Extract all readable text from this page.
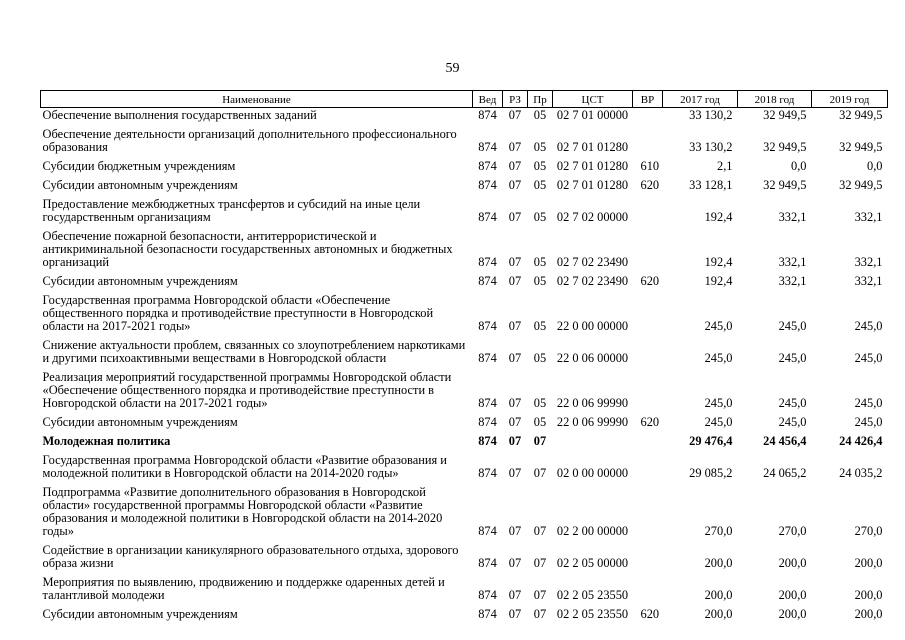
59
Наименование	Вед	РЗ	Пр	ЦСТ	ВР	2017 год	2018 год	2019 год
Обеспечение выполнения государственных заданий	874	07	05	02 7 01 00000		33 130,2	32 949,5	32 949,5
Обеспечение деятельности организаций дополнительного профессионального образования	874	07	05	02 7 01 01280		33 130,2	32 949,5	32 949,5
Субсидии бюджетным учреждениям	874	07	05	02 7 01 01280	610	2,1	0,0	0,0
Субсидии автономным учреждениям	874	07	05	02 7 01 01280	620	33 128,1	32 949,5	32 949,5
Предоставление межбюджетных трансфертов и субсидий на иные цели государственным организациям	874	07	05	02 7 02 00000		192,4	332,1	332,1
Обеспечение пожарной безопасности, антитеррористической и антикриминальной безопасности государственных автономных и бюджетных организаций	874	07	05	02 7 02 23490		192,4	332,1	332,1
Субсидии автономным учреждениям	874	07	05	02 7 02 23490	620	192,4	332,1	332,1
Государственная программа Новгородской области «Обеспечение общественного порядка и противодействие преступности в Новгородской области на 2017-2021 годы»	874	07	05	22 0 00 00000		245,0	245,0	245,0
Снижение актуальности проблем, связанных со злоупотреблением наркотиками и другими психоактивными веществами в Новгородской области	874	07	05	22 0 06 00000		245,0	245,0	245,0
Реализация мероприятий государственной программы Новгородской области «Обеспечение общественного порядка и противодействие преступности в Новгородской области на 2017-2021 годы»	874	07	05	22 0 06 99990		245,0	245,0	245,0
Субсидии автономным учреждениям	874	07	05	22 0 06 99990	620	245,0	245,0	245,0
Молодежная политика	874	07	07			29 476,4	24 456,4	24 426,4
Государственная программа Новгородской области «Развитие образования и молодежной политики в Новгородской области на 2014-2020 годы»	874	07	07	02 0 00 00000		29 085,2	24 065,2	24 035,2
Подпрограмма «Развитие дополнительного образования в Новгородской области» государственной программы Новгородской области «Развитие образования и молодежной политики в Новгородской области на 2014-2020 годы»	874	07	07	02 2 00 00000		270,0	270,0	270,0
Содействие в организации каникулярного образовательного отдыха, здорового образа жизни	874	07	07	02 2 05 00000		200,0	200,0	200,0
Мероприятия по выявлению, продвижению и поддержке одаренных детей и талантливой молодежи	874	07	07	02 2 05 23550		200,0	200,0	200,0
Субсидии автономным учреждениям	874	07	07	02 2 05 23550	620	200,0	200,0	200,0
